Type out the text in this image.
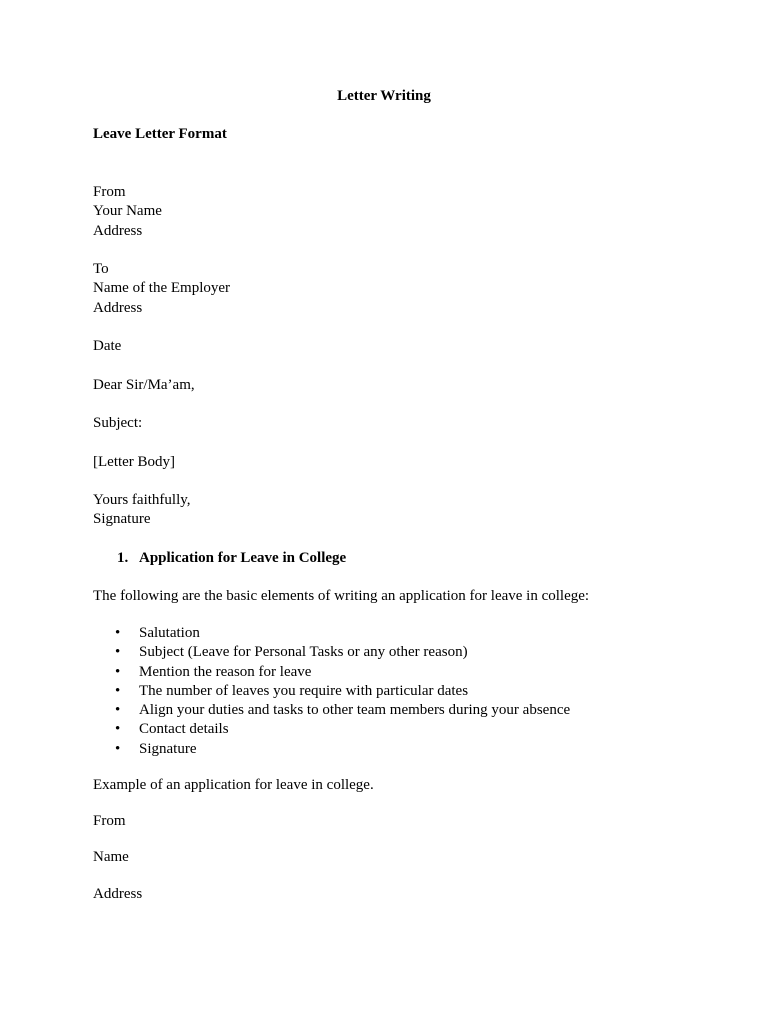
Letter Writing
Leave Letter Format
From
Your Name
Address
To
Name of the Employer
Address
Date
Dear Sir/Ma’am,
Subject:
[Letter Body]
Yours faithfully,
Signature
1. Application for Leave in College
The following are the basic elements of writing an application for leave in college:
• Salutation
• Subject (Leave for Personal Tasks or any other reason)
• Mention the reason for leave
• The number of leaves you require with particular dates
• Align your duties and tasks to other team members during your absence
• Contact details
• Signature
Example of an application for leave in college.
From
Name
Address
